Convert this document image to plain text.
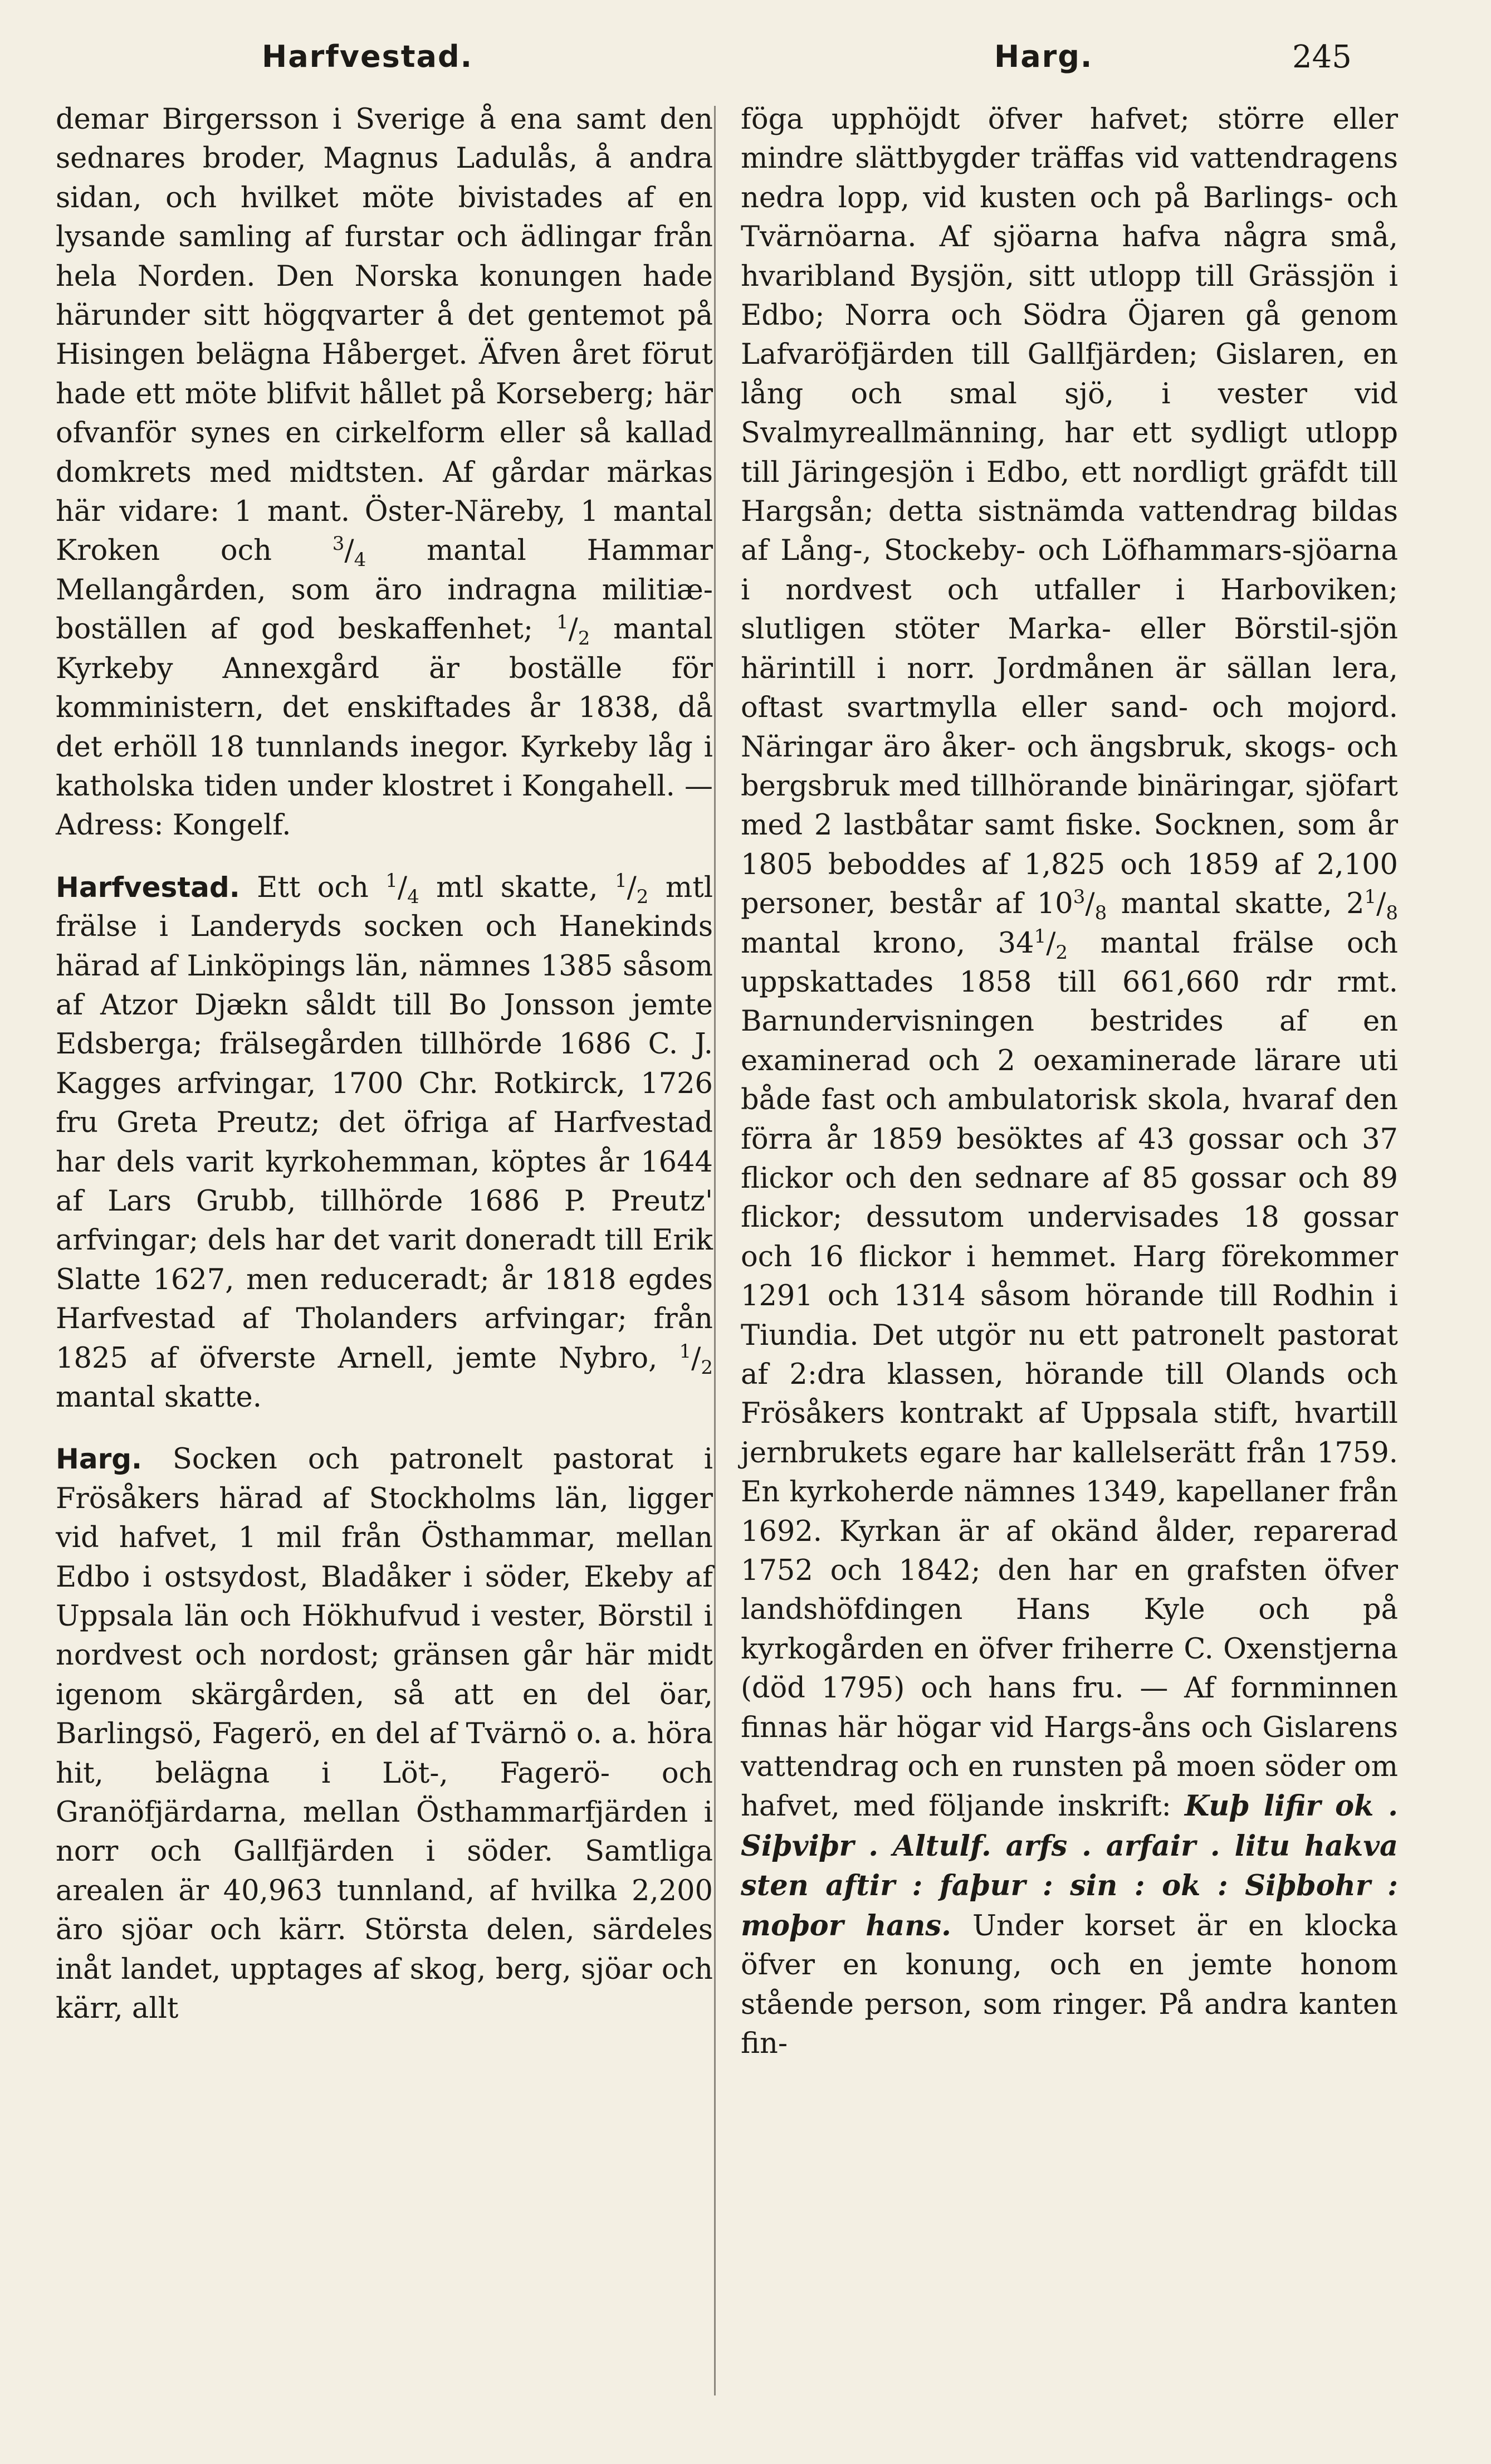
Harfvestad.	Harg.	245

demar Birgersson i Sverige å ena samt den sednares broder, Magnus Ladulås, å andra sidan, och hvilket möte bivistades af en lysande samling af furstar och ädlingar från hela Norden. Den Norska konungen hade härunder sitt högqvarter å det gentemot på Hisingen belägna Håberget. Äfven året förut hade ett möte blifvit hållet på Korseberg; här ofvanför synes en cirkelform eller så kallad domkrets med midtsten. Af gårdar märkas här vidare: 1 mant. Öster-Näreby, 1 mantal Kroken och	$^3/_4$ mantal Hammar Mellangården, som äro indragna militiæ-boställen af god beskaffenhet; $^1/_2$ mantal Kyrkeby Annexgård är boställe för komministern, det enskiftades år 1838, då det erhöll 18 tunnlands inegor. Kyrkeby låg i katholska tiden under klostret i Kongahell. — Adress: Kongelf.

Harfvestad. Ett och $^1/_4$ mtl skatte, $^1/_2$ mtl frälse i Landeryds socken och Hanekinds härad af Linköpings län, nämnes 1385 såsom af Atzor Djækn såldt till Bo Jonsson jemte Edsberga; frälsegården tillhörde 1686 C. J. Kagges arfvingar, 1700 Chr. Rotkirck, 1726 fru Greta Preutz; det öfriga af Harfvestad har dels varit kyrkohemman, köptes år 1644 af Lars Grubb, tillhörde 1686 P. Preutz' arfvingar; dels har det varit doneradt till Erik Slatte 1627, men reduceradt; år 1818 egdes Harfvestad af Tholanders arfvingar; från 1825 af öfverste Arnell, jemte Nybro, $^1/_2$ mantal skatte.

Harg. Socken och patronelt pastorat i Frösåkers härad af Stockholms län, ligger vid hafvet, 1 mil från Östhammar, mellan Edbo i ostsydost, Bladåker i söder, Ekeby af Uppsala län och Hökhufvud i vester, Börstil i nordvest och nordost; gränsen går här midt igenom skärgården, så att en del öar, Barlingsö, Fagerö, en del af Tvärnö o. a. höra hit, belägna i Löt-, Fagerö- och Granöfjärdarna, mellan Östhammarfjärden i norr och Gallfjärden i söder. Samtliga arealen är 40,963 tunnland, af hvilka 2,200 äro sjöar och kärr. Största delen, särdeles inåt landet, upptages af skog, berg, sjöar och kärr, allt

föga upphöjdt öfver hafvet; större eller mindre slättbygder träffas vid vattendragens nedra lopp, vid kusten och på Barlings- och Tvärnöarna. Af sjöarna hafva några små, hvaribland Bysjön, sitt utlopp till Grässjön i Edbo; Norra och Södra Öjaren gå genom Lafvaröfjärden till Gallfjärden; Gislaren, en lång och smal sjö, i vester vid Svalmyreallmänning, har ett sydligt utlopp till Järingesjön i Edbo, ett nordligt gräfdt till Hargsån; detta sistnämda vattendrag bildas af Lång-, Stockeby- och Löfhammars-sjöarna i nordvest och utfaller i Harboviken; slutligen stöter Marka- eller Börstil-sjön härintill i norr. Jordmånen är sällan lera, oftast svartmylla eller sand- och mojord. Näringar äro åker- och ängsbruk, skogs- och bergsbruk med tillhörande binäringar, sjöfart med 2 lastbåtar samt fiske. Socknen, som år 1805 beboddes af 1,825 och 1859 af 2,100 personer, består af $10^3/_8$ mantal skatte, $2^1/_8$ mantal krono, $34^1/_2$ mantal frälse och uppskattades 1858 till 661,660 rdr rmt. Barnundervisningen bestrides af en examinerad och 2 oexaminerade lärare uti både fast och ambulatorisk skola, hvaraf den förra år 1859 besöktes af 43 gossar och 37 flickor och den sednare af 85 gossar och 89 flickor; dessutom undervisades 18 gossar och 16 flickor i hemmet. Harg förekommer 1291 och 1314 såsom hörande till Rodhin i Tiundia. Det utgör nu ett patronelt pastorat af 2:dra klassen, hörande till Olands och Frösåkers kontrakt af Uppsala stift, hvartill jernbrukets egare har kallelserätt från 1759. En kyrkoherde nämnes 1349, kapellaner från 1692. Kyrkan är af okänd ålder, reparerad 1752 och 1842; den har en grafsten öfver landshöfdingen Hans Kyle och på kyrkogården en öfver friherre C. Oxenstjerna (död 1795) och hans fru. — Af fornminnen finnas här högar vid Hargs-åns och Gislarens vattendrag och en runsten på moen söder om hafvet, med följande inskrift: Kuþ lifir ok . Siþviþr . Altulf. arfs . arfair . litu hakva sten aftir : faþur : sin : ok : Siþbohr : moþor hans. Under korset är en klocka öfver en konung, och en jemte honom stående person, som ringer. På andra kanten fin-
